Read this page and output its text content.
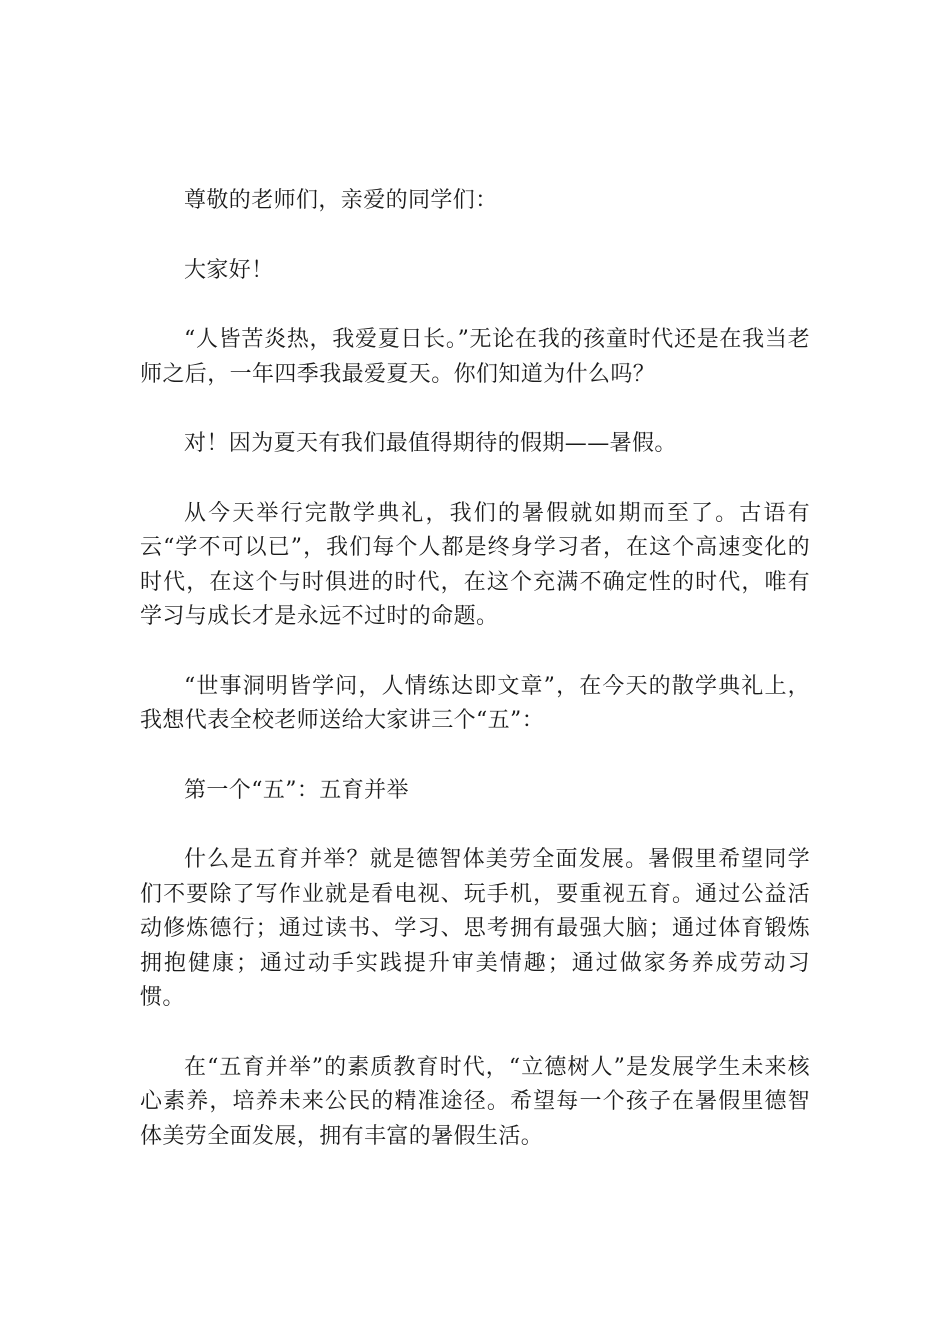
尊敬的老师们，亲爱的同学们：

大家好！

“人皆苦炎热，我爱夏日长。”无论在我的孩童时代还是在我当老师之后，一年四季我最爱夏天。你们知道为什么吗？

对！因为夏天有我们最值得期待的假期——暑假。

从今天举行完散学典礼，我们的暑假就如期而至了。古语有云“学不可以已”，我们每个人都是终身学习者，在这个高速变化的时代，在这个与时俱进的时代，在这个充满不确定性的时代，唯有学习与成长才是永远不过时的命题。

“世事洞明皆学问，人情练达即文章”，在今天的散学典礼上，我想代表全校老师送给大家讲三个“五”：

第一个“五”：五育并举

什么是五育并举？就是德智体美劳全面发展。暑假里希望同学们不要除了写作业就是看电视、玩手机，要重视五育。通过公益活动修炼德行；通过读书、学习、思考拥有最强大脑；通过体育锻炼拥抱健康；通过动手实践提升审美情趣；通过做家务养成劳动习惯。

在“五育并举”的素质教育时代，“立德树人”是发展学生未来核心素养，培养未来公民的精准途径。希望每一个孩子在暑假里德智体美劳全面发展，拥有丰富的暑假生活。
